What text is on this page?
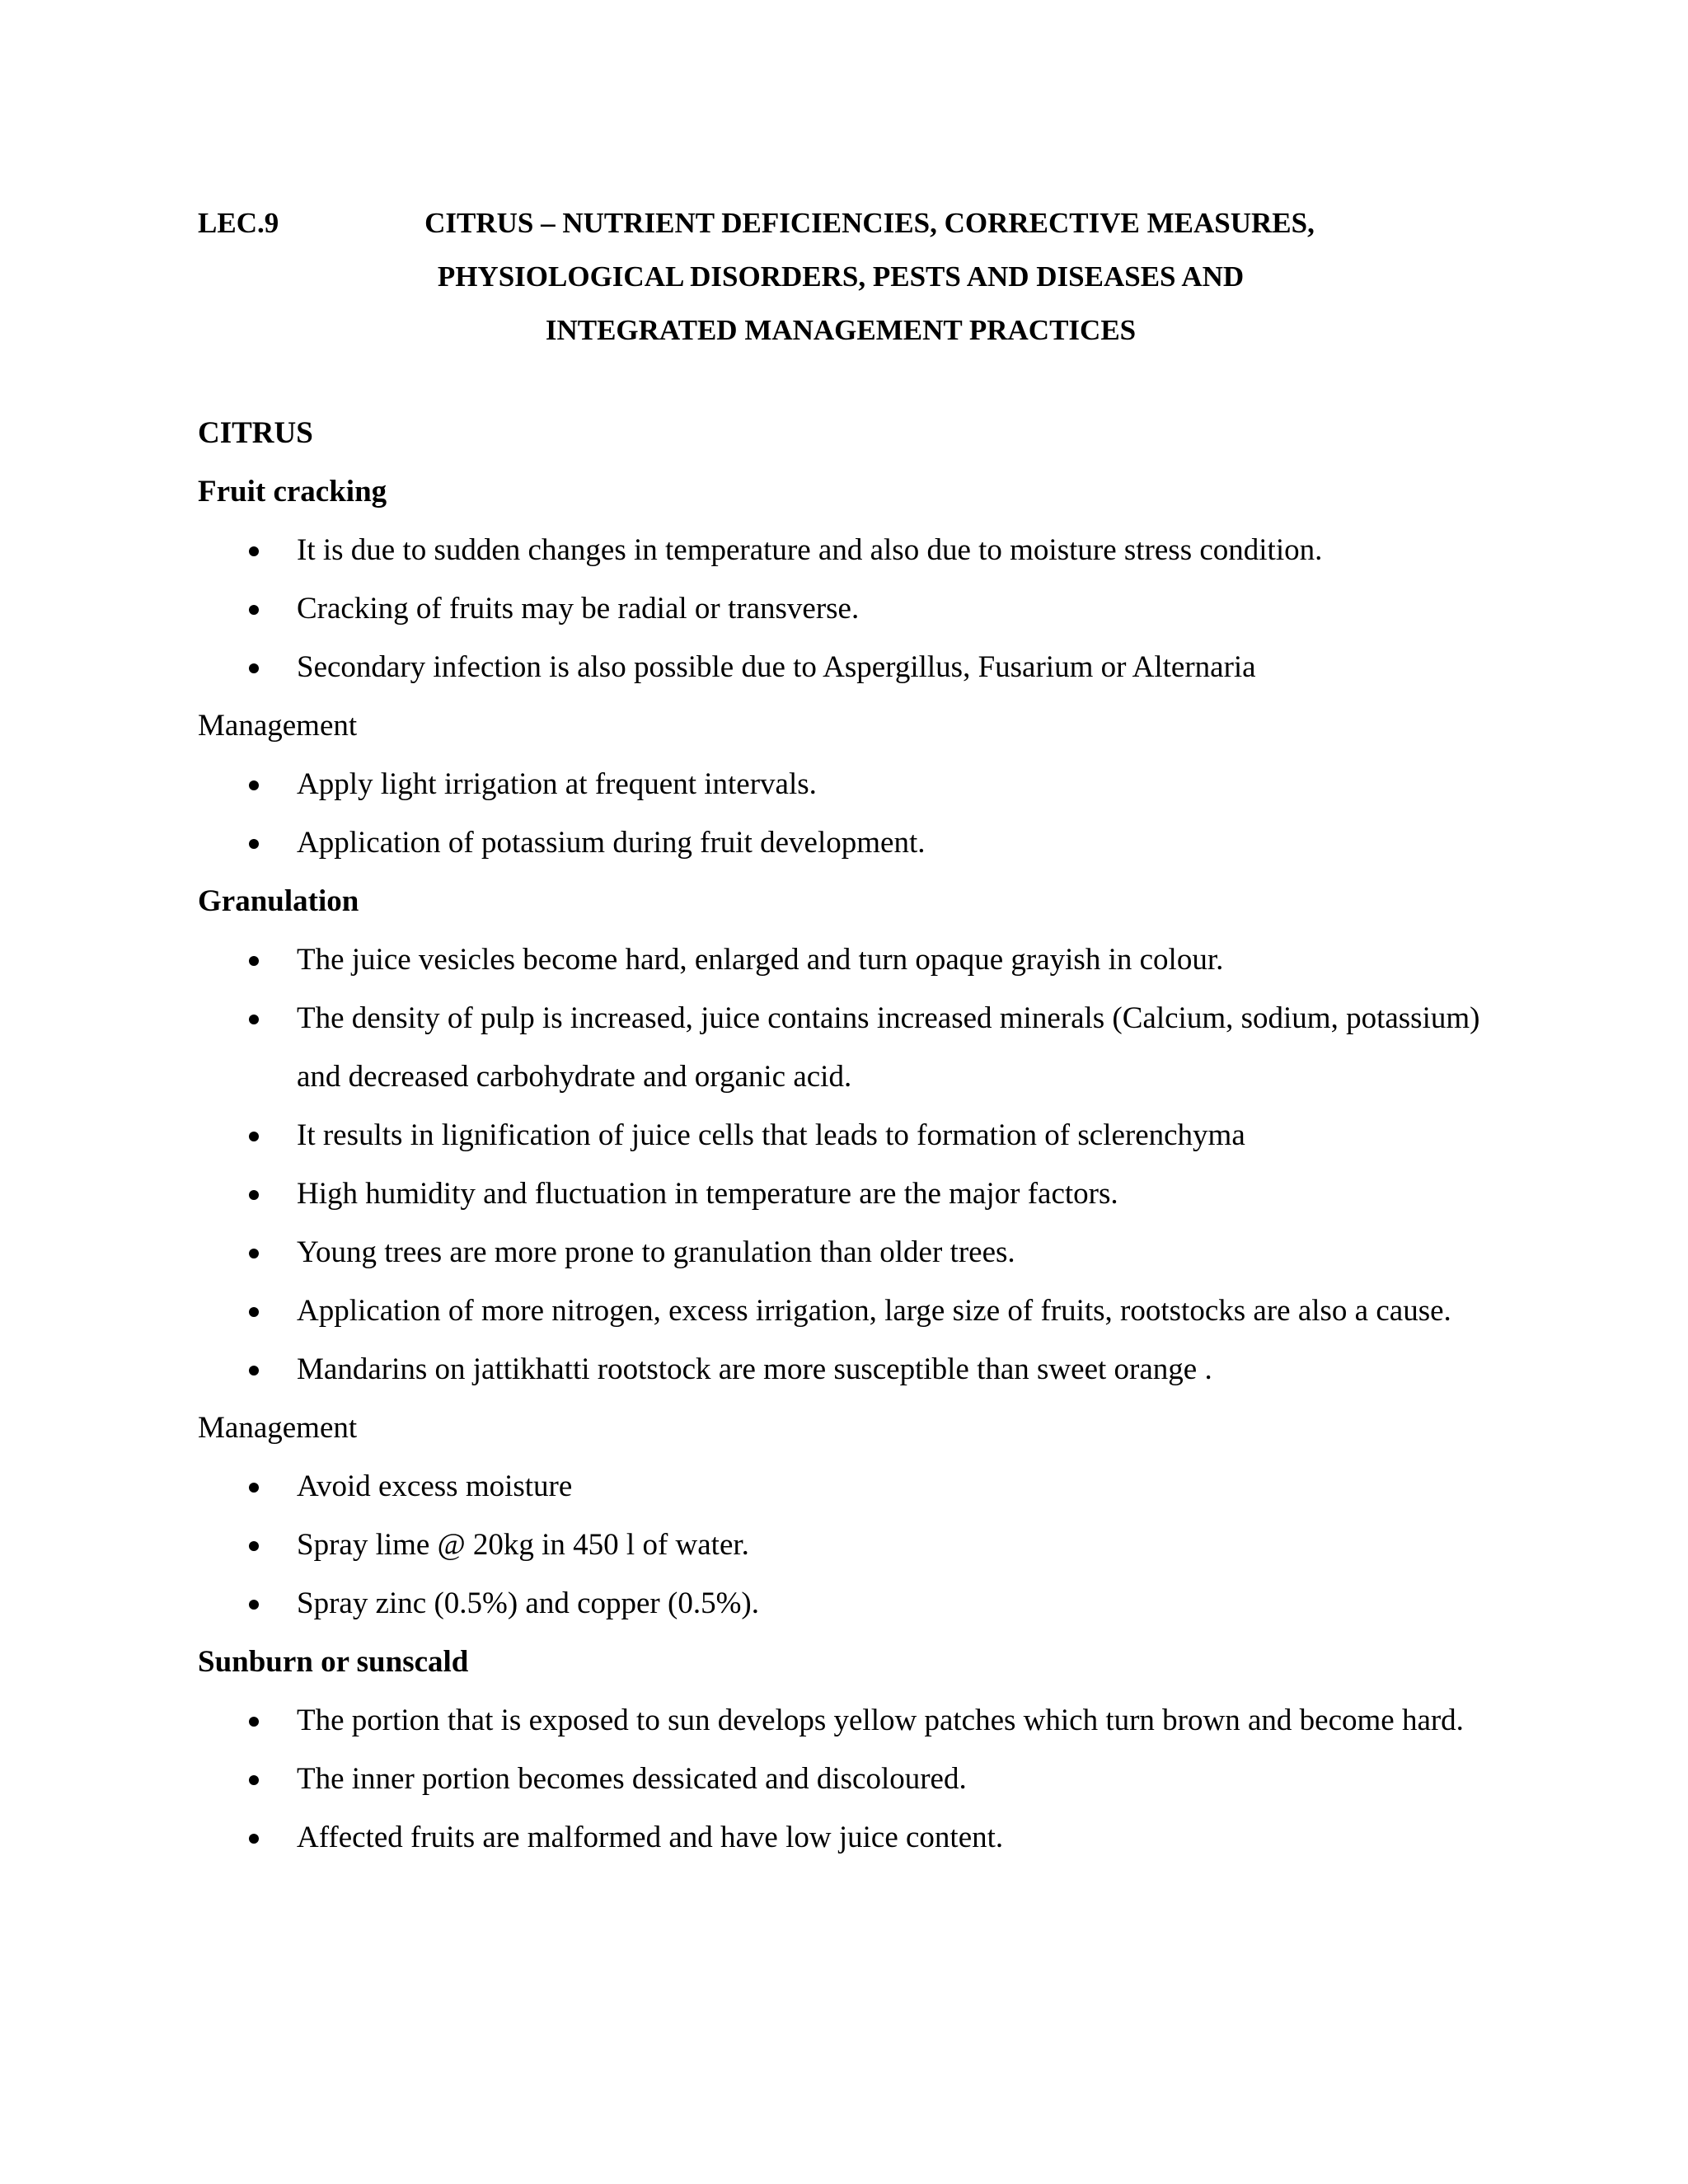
LEC.9	CITRUS – NUTRIENT DEFICIENCIES, CORRECTIVE MEASURES,
PHYSIOLOGICAL DISORDERS, PESTS AND DISEASES AND
INTEGRATED MANAGEMENT PRACTICES

CITRUS

Fruit cracking

It is due to sudden changes in temperature and also due to moisture stress condition.
Cracking of fruits may be radial or transverse.
Secondary infection is also possible due to Aspergillus, Fusarium or Alternaria

Management

Apply light irrigation at frequent intervals.
Application of potassium during fruit development.

Granulation

The juice vesicles become hard, enlarged and turn opaque grayish in colour.
The density of pulp is increased, juice contains increased minerals (Calcium, sodium, potassium) and decreased carbohydrate and organic acid.
It results in lignification of juice cells that leads to formation of sclerenchyma
High humidity and fluctuation in temperature are the major factors.
Young trees are more prone to granulation than older trees.
Application of more nitrogen, excess irrigation, large size of fruits, rootstocks are also a cause.
Mandarins on jattikhatti rootstock are more susceptible than sweet orange .

Management

Avoid excess moisture
Spray lime @ 20kg in 450 l of water.
Spray zinc (0.5%) and copper (0.5%).

Sunburn or sunscald

The portion that is exposed to sun develops yellow patches which turn brown and become hard.
The inner portion becomes dessicated and discoloured.
Affected fruits are malformed and have low juice content.
